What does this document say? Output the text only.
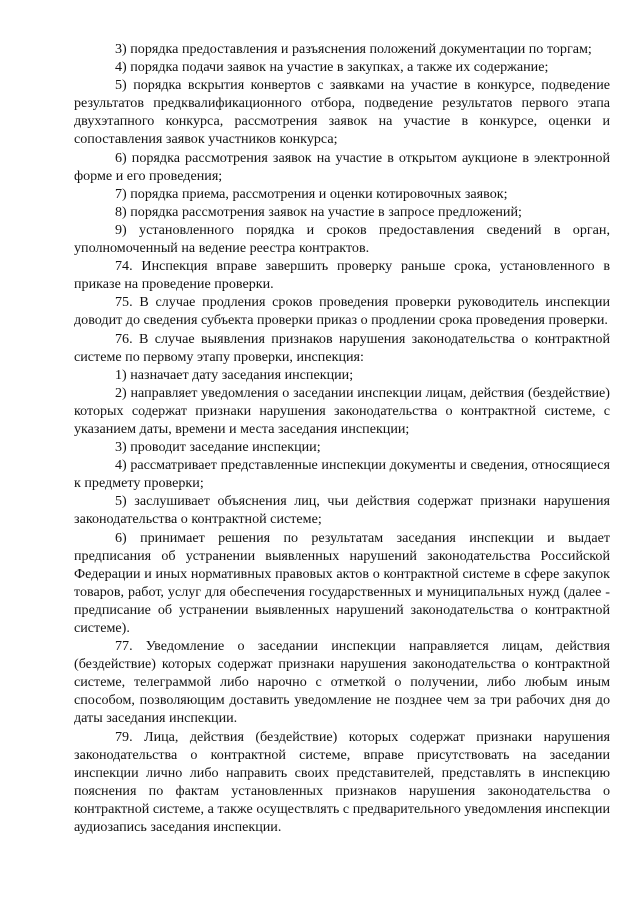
3) порядка предоставления и разъяснения положений документации по торгам;

4) порядка подачи заявок на участие в закупках, а также их содержание;

5) порядка вскрытия конвертов с заявками на участие в конкурсе, подведение результатов предквалификационного отбора, подведение результатов первого этапа двухэтапного конкурса, рассмотрения заявок на участие в конкурсе, оценки и сопоставления заявок участников конкурса;

6) порядка рассмотрения заявок на участие в открытом аукционе в электронной форме и его проведения;

7) порядка приема, рассмотрения и оценки котировочных заявок;

8) порядка рассмотрения заявок на участие в запросе предложений;

9) установленного порядка и сроков предоставления сведений в орган, уполномоченный на ведение реестра контрактов.

74. Инспекция вправе завершить проверку раньше срока, установленного в приказе на проведение проверки.

75. В случае продления сроков проведения проверки руководитель инспекции доводит до сведения субъекта проверки приказ о продлении срока проведения проверки.

76. В случае выявления признаков нарушения законодательства о контрактной системе по первому этапу проверки, инспекция:

1) назначает дату заседания инспекции;

2) направляет уведомления о заседании инспекции лицам, действия (бездействие) которых содержат признаки нарушения законодательства о контрактной системе, с указанием даты, времени и места заседания инспекции;

3) проводит заседание инспекции;

4) рассматривает представленные инспекции документы и сведения, относящиеся к предмету проверки;

5) заслушивает объяснения лиц, чьи действия содержат признаки нарушения законодательства о контрактной системе;

6) принимает решения по результатам заседания инспекции и выдает предписания об устранении выявленных нарушений законодательства Российской Федерации и иных нормативных правовых актов о контрактной системе в сфере закупок товаров, работ, услуг для обеспечения государственных и муниципальных нужд (далее - предписание об устранении выявленных нарушений законодательства о контрактной системе).

77. Уведомление о заседании инспекции направляется лицам, действия (бездействие) которых содержат признаки нарушения законодательства о контрактной системе, телеграммой либо нарочно с отметкой о получении, либо любым иным способом, позволяющим доставить уведомление не позднее чем за три рабочих дня до даты заседания инспекции.

79. Лица, действия (бездействие) которых содержат признаки нарушения законодательства о контрактной системе, вправе присутствовать на заседании инспекции лично либо направить своих представителей, представлять в инспекцию пояснения по фактам установленных признаков нарушения законодательства о контрактной системе, а также осуществлять с предварительного уведомления инспекции аудиозапись заседания инспекции.
